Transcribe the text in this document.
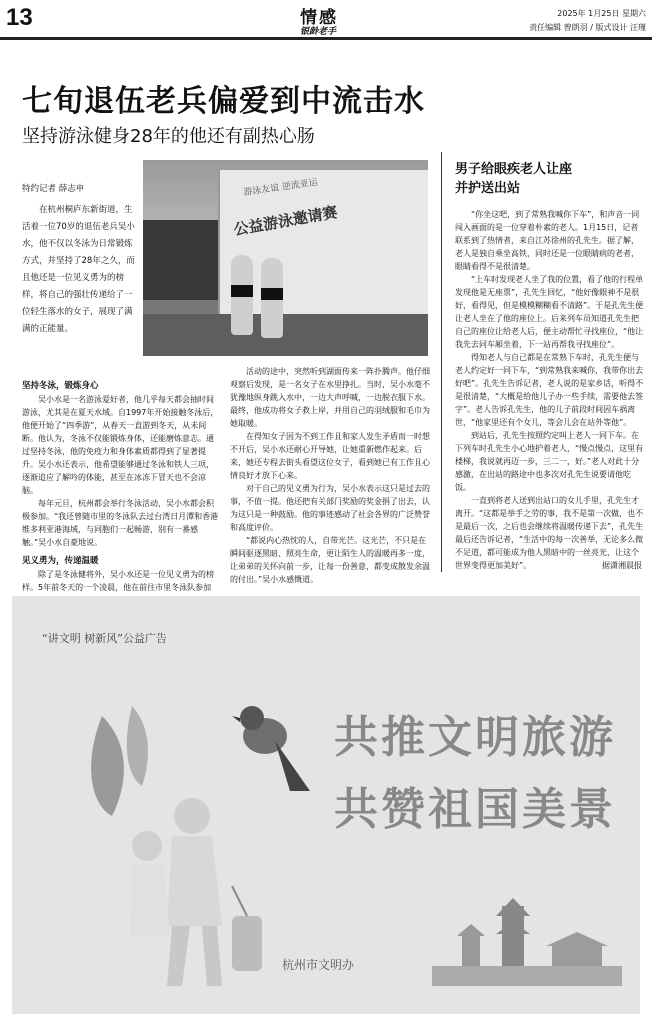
13	情感
银龄老手
2025年 1月25日 星期六
责任编辑 曾朗羽 / 版式设计 汪瑾
七旬退伍老兵偏爱到中流击水
坚持游泳健身28年的他还有副热心肠
特约记者 薛志申
在杭州桐庐东新街道，生活着一位70岁的退伍老兵吴小水，他不仅以冬泳为日常锻炼方式，并坚持了28年之久，而且他还是一位见义勇为的榜样，将自己的强壮传递给了一位轻生落水的女子，展现了满满的正能量。
游泳友谊 逆流亚运
公益游泳邀请赛

坚持冬泳，锻炼身心

吴小水是一名游泳爱好者，他几乎每天都会抽时间游泳，尤其是在夏天水域。自1997年开始接触冬泳后，他便开始了“四季游”，从春天一直游到冬天，从未间断。他认为，冬泳不仅能锻炼身体，还能磨炼意志。通过坚持冬泳，他的免疫力和身体素质都得到了显著提升。吴小水还表示，他希望能够通过冬泳和铁人三项，逐渐追应了解吟的体能，甚至在冰冻下冒天也不会凉脑。

每年元旦，杭州都会举行冬泳活动，吴小水都会积极参加。“我还曾随市里的冬泳队去过台湾日月潭和香港维多利亚港海域，与同胞们一起畅游，别有一番感触。”吴小水自豪地说。

见义勇为，传递温暖

除了是冬泳健将外，吴小水还是一位见义勇为的榜样。5年前冬天的一个凌晨，他在前往市里冬泳队参加

活动的途中，突然听到湖面传来一阵扑腾声。他仔细观察后发现，是一名女子在水里挣扎。当时，吴小水毫不犹豫地纵身跳入水中，一边大声呼喊，一边脱衣服下水。最终，他成功将女子救上岸，并用自己的羽绒服和毛巾为她取暖。

在得知女子因为不到工作且和家人发生矛盾而一时想不开后，吴小水还耐心开导她，让她重新燃作起来。后来，她还专程去街头看望这位女子，看到她已有工作且心情良好才放下心来。

对于自己的见义勇为行为，吴小水表示这只是过去的事，不值一提。他还把有关部门奖励的奖金捐了出去，认为这只是一种鼓励。他的事迹感动了社会各界的广泛赞誉和高度评价。

“都说内心热忱的人，自带光芒。这光芒，不只是在瞬间驱逐黑暗、照亮生命，更让陌生人的温暖再多一度，让弟弟的关怀向前一步，让每一份善意，都变成散发余温的付出。”吴小水感慨道。

男子给眼疾老人让座
并护送出站

“你坐这吧，到了常熟我喊你下车”，和声音一同闯入画面的是一位穿着朴素的老人。1月15日，记者联系到了热情者，来自江苏徐州的孔先生。据了解，老人是独自乘坐高铁，同时还是一位眼睛病的老者，眼睛看得不是很清楚。

“上车时发现老人坐了我的位置，看了他的行程单发现他是无座票”，孔先生回忆，“他好像眼神不是很好，看得见，但是模模糊糊看不清路”。于是孔先生便让老人坐在了他的座位上。后来列车员知道孔先生把自己的座位让给老人后，便主动帮忙寻找座位，“他让我先去同车厢坐着，下一站再帮我寻找座位”。

得知老人与自己都是在常熟下车时，孔先生便与老人约定好一同下车，“到常熟我来喊你，我带你出去好吧”。孔先生告诉记者，老人说的是家乡话，听得不是很清楚，“大概是给他儿子办一些手续，需要他去签字”。老人告诉孔先生，他的儿子前段时间因车祸离世，“他家里还有个女儿，等会儿会在站外等他”。

到站后，孔先生按照约定叫上老人一同下车。在下列车时孔先生小心地护着老人，“慢点慢点，这里有楼梯，我说就再迈一步，三二一，好。”老人对此十分感激，在出站的路途中也多次对孔先生说要请他吃饭。

一直到将老人送到出站口的女儿手里，孔先生才离开。“这都是举手之劳的事，我不是第一次做，也不是最后一次，之后也会继续将温暖传递下去”，孔先生最后还告诉记者，“生活中的每一次善举，无论多么微不足道，都可能成为他人黑暗中的一丝亮光，让这个世界变得更加美好”。	据潇湘晨报
“讲文明 树新风”公益广告
共推文明旅游
共赞祖国美景
杭州市文明办
